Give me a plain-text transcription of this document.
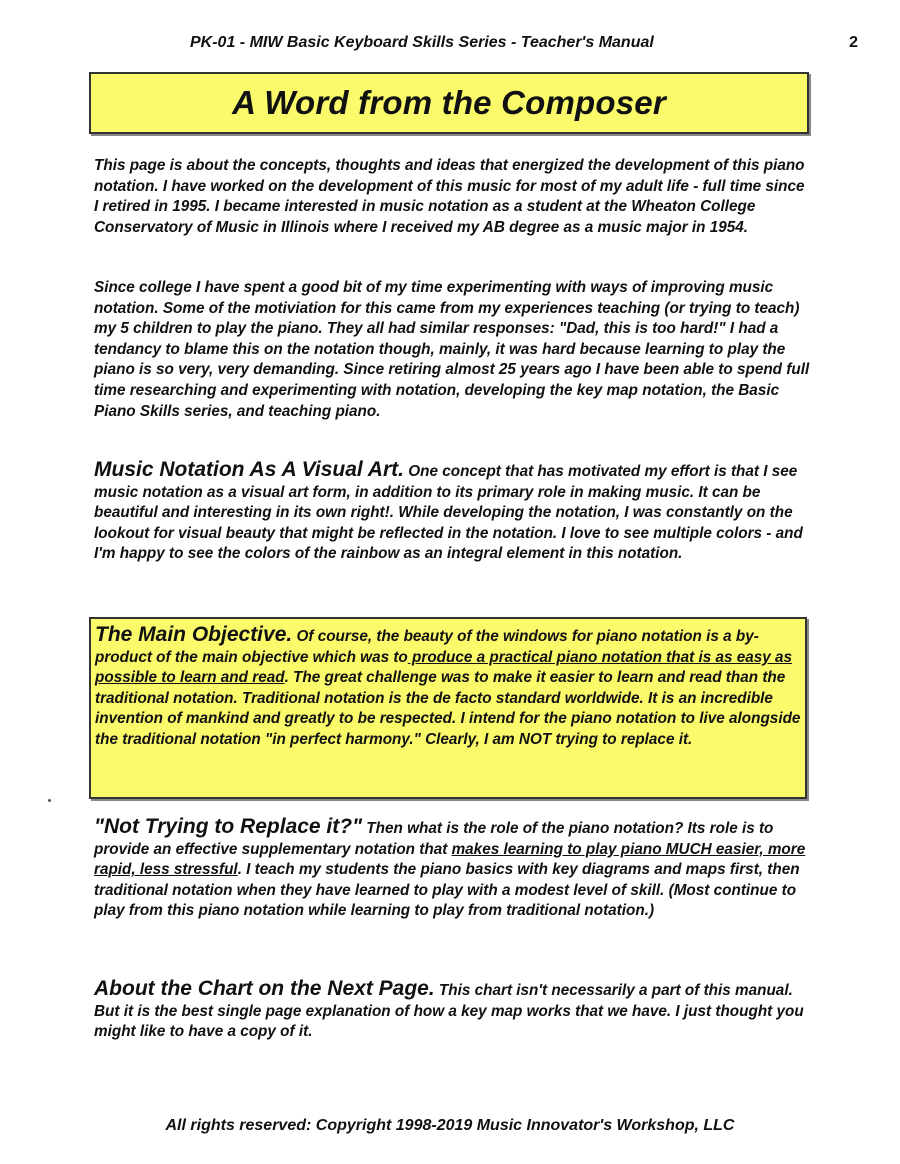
PK-01 - MIW Basic Keyboard Skills Series - Teacher's Manual	2
A Word from the Composer

This page is about the concepts, thoughts and ideas that energized the development of this piano notation. I have worked on the development of this music for most of my adult life - full time since I retired in 1995. I became interested in music notation as a student at the Wheaton College Conservatory of Music in Illinois where I received my AB degree as a music major in 1954.

Since college I have spent a good bit of my time experimenting with ways of improving music notation. Some of the motiviation for this came from my experiences teaching (or trying to teach) my 5 children to play the piano. They all had similar responses: "Dad, this is too hard!" I had a tendancy to blame this on the notation though, mainly, it was hard because learning to play the piano is so very, very demanding. Since retiring almost 25 years ago I have been able to spend full time researching and experimenting with notation, developing the key map notation, the Basic Piano Skills series, and teaching piano.

Music Notation As A Visual Art. One concept that has motivated my effort is that I see music notation as a visual art form, in addition to its primary role in making music. It can be beautiful and interesting in its own right!. While developing the notation, I was constantly on the lookout for visual beauty that might be reflected in the notation. I love to see multiple colors - and I'm happy to see the colors of the rainbow as an integral element in this notation.

The Main Objective. Of course, the beauty of the windows for piano notation is a by-product of the main objective which was to produce a practical piano notation that is as easy as possible to learn and read. The great challenge was to make it easier to learn and read than the traditional notation. Traditional notation is the de facto standard worldwide. It is an incredible invention of mankind and greatly to be respected. I intend for the piano notation to live alongside the traditional notation "in perfect harmony." Clearly, I am NOT trying to replace it.

"Not Trying to Replace it?" Then what is the role of the piano notation? Its role is to provide an effective supplementary notation that makes learning to play piano MUCH easier, more rapid, less stressful. I teach my students the piano basics with key diagrams and maps first, then traditional notation when they have learned to play with a modest level of skill. (Most continue to play from this piano notation while learning to play from traditional notation.)

About the Chart on the Next Page. This chart isn't necessarily a part of this manual. But it is the best single page explanation of how a key map works that we have. I just thought you might like to have a copy of it.

All rights reserved: Copyright 1998-2019 Music Innovator's Workshop, LLC
